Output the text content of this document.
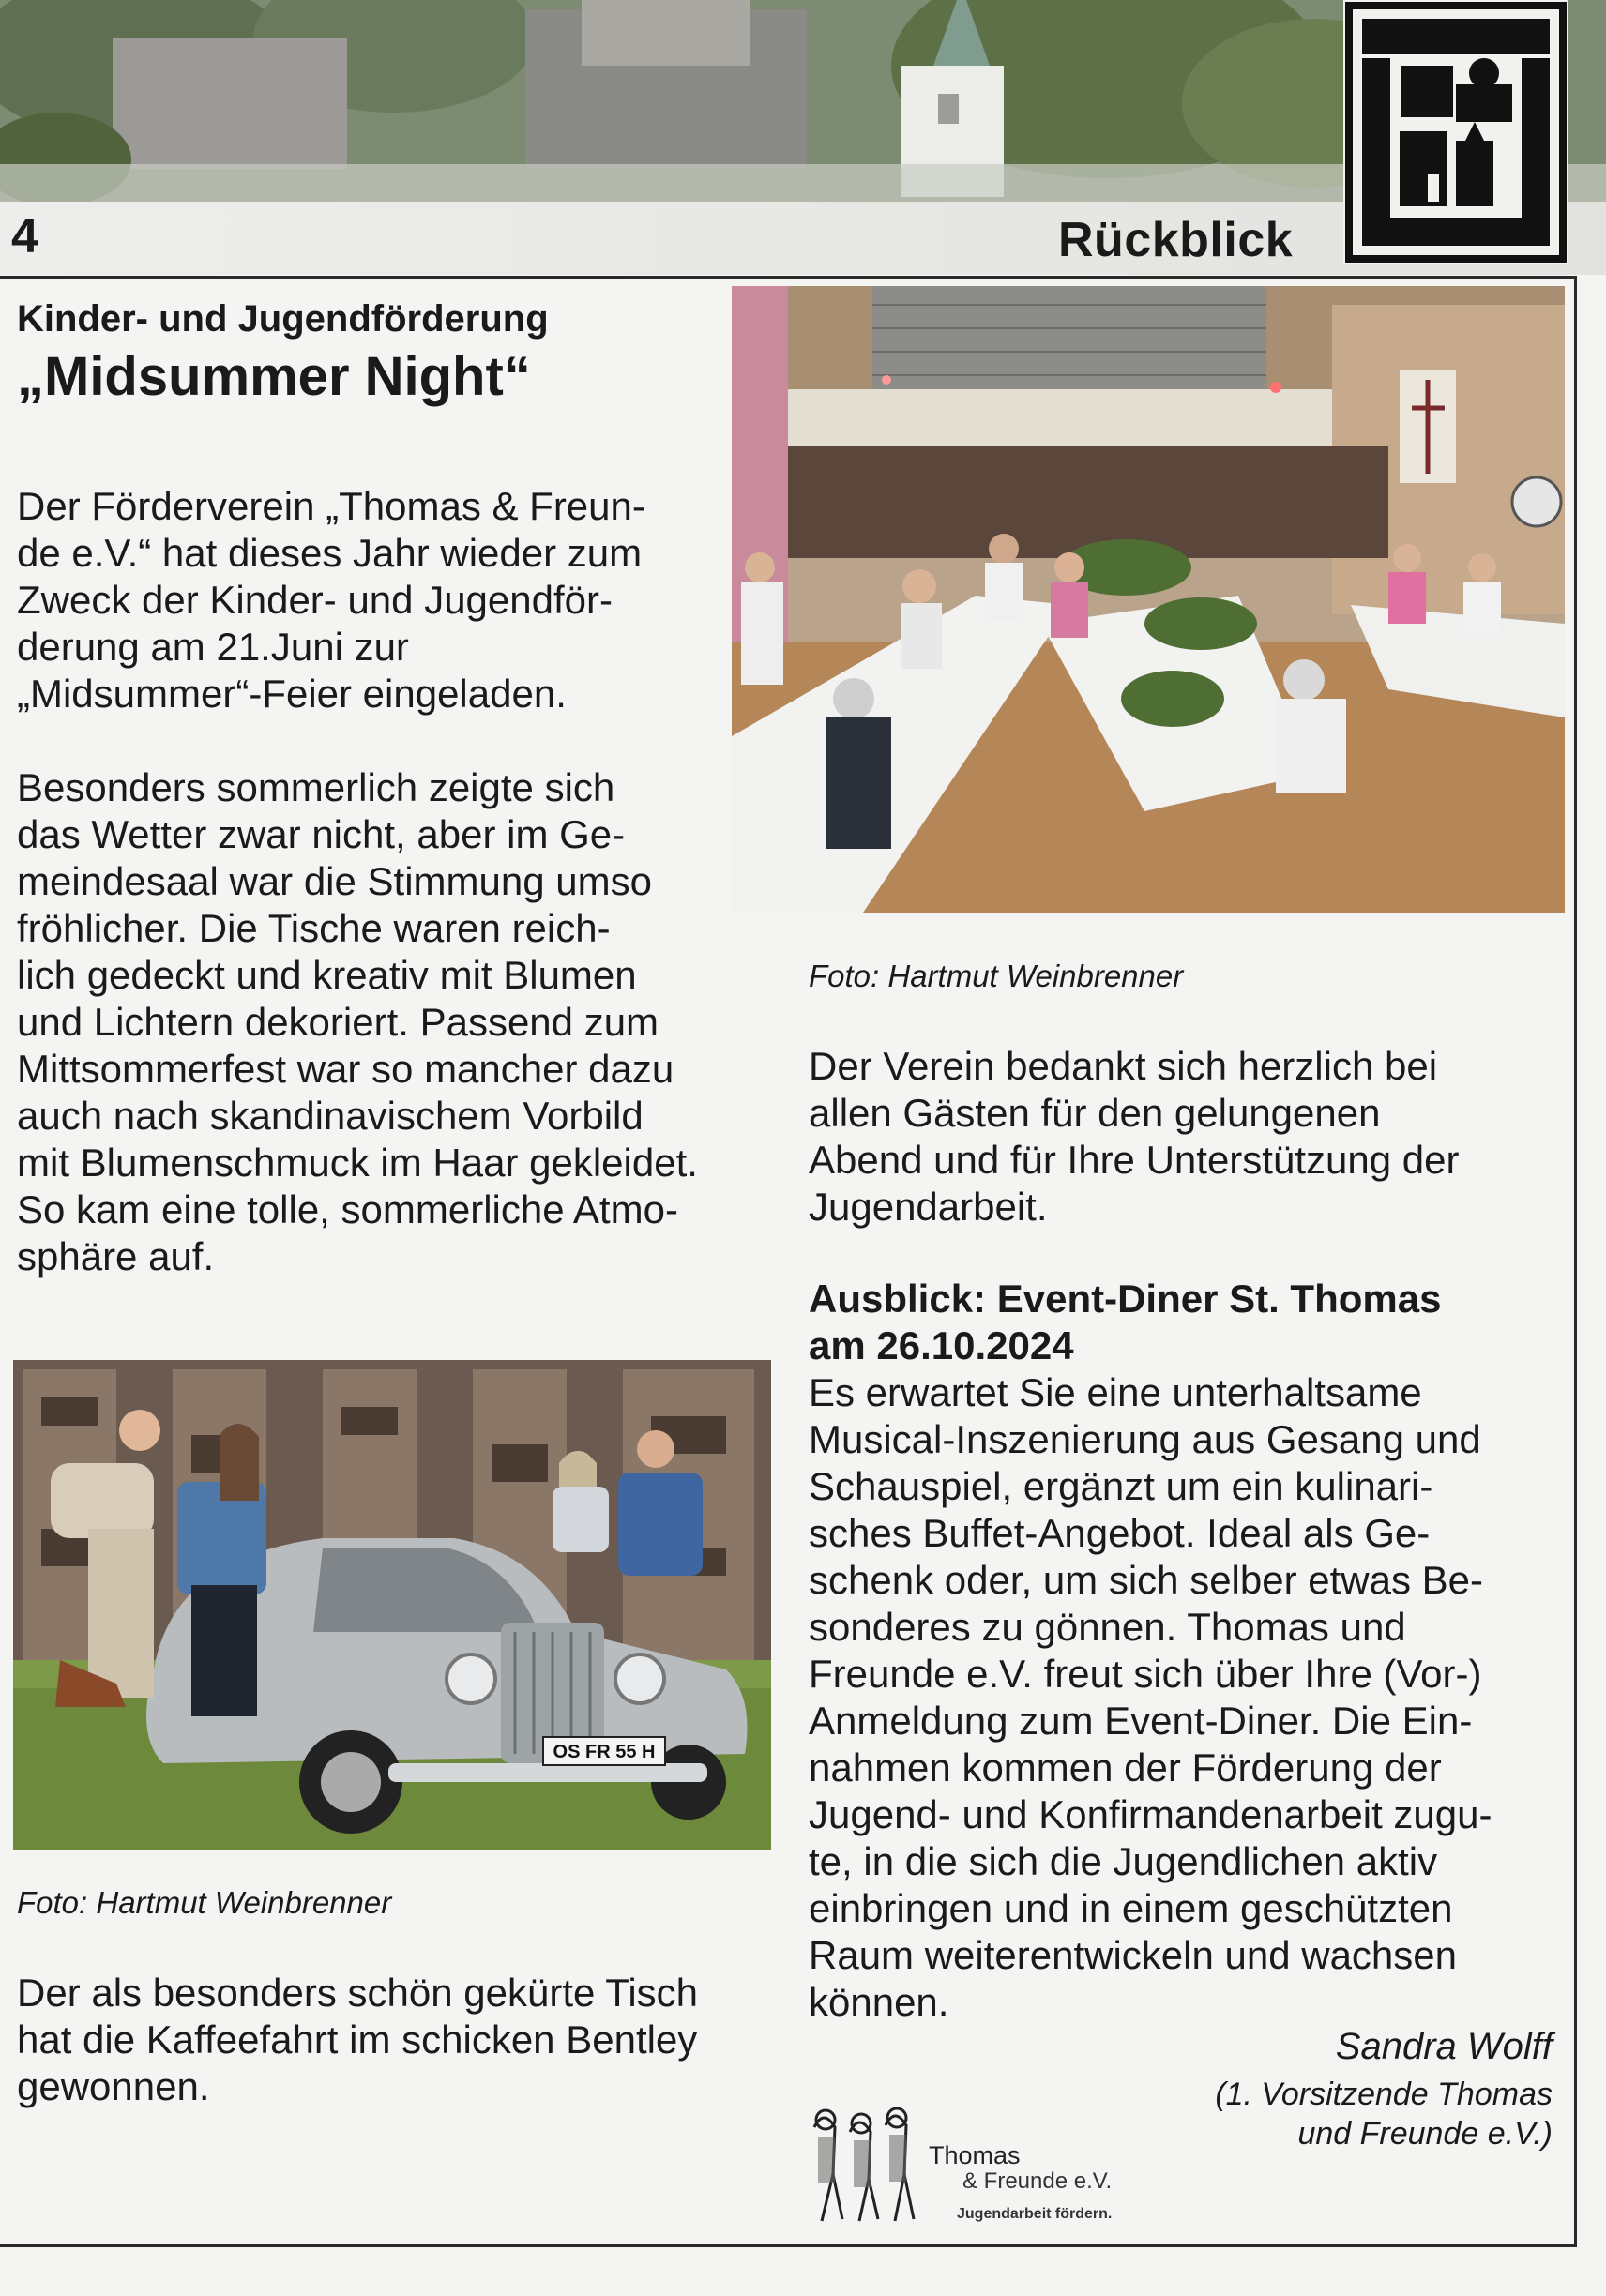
4	Rückblick
Kinder- und Jugendförderung
„Midsummer Night“

Der Förderverein „Thomas & Freun-

de e.V.“ hat dieses Jahr wieder zum

Zweck der Kinder- und Jugendför-

derung am 21.Juni zur

„Midsummer“-Feier eingeladen.

Besonders sommerlich zeigte sich

das Wetter zwar nicht, aber im Ge-

meindesaal war die Stimmung umso

fröhlicher. Die Tische waren reich-

lich gedeckt und kreativ mit Blumen

und Lichtern dekoriert. Passend zum

Mittsommerfest war so mancher dazu

auch nach skandinavischem Vorbild

mit Blumenschmuck im Haar gekleidet.

So kam eine tolle, sommerliche Atmo-

sphäre auf.

OS FR 55 H
Foto: Hartmut Weinbrenner

Der als besonders schön gekürte Tisch

hat die Kaffeefahrt im schicken Bentley

gewonnen.

Foto: Hartmut Weinbrenner

Der Verein bedankt sich herzlich bei

allen Gästen für den gelungenen

Abend und für Ihre Unterstützung der

Jugendarbeit.

Ausblick: Event-Diner St. Thomas
am 26.10.2024

Es erwartet Sie eine unterhaltsame

Musical-Inszenierung aus Gesang und

Schauspiel, ergänzt um ein kulinari-

sches Buffet-Angebot. Ideal als Ge-

schenk oder, um sich selber etwas Be-

sonderes zu gönnen. Thomas und

Freunde e.V. freut sich über Ihre (Vor-)

Anmeldung zum Event-Diner. Die Ein-

nahmen kommen der Förderung der

Jugend- und Konfirmandenarbeit zugu-

te, in die sich die Jugendlichen aktiv

einbringen und in einem geschützten

Raum weiterentwickeln und wachsen

können.

Sandra Wolff
(1. Vorsitzende Thomas
und Freunde e.V.)
Thomas
& Freunde e.V.
Jugendarbeit fördern.
